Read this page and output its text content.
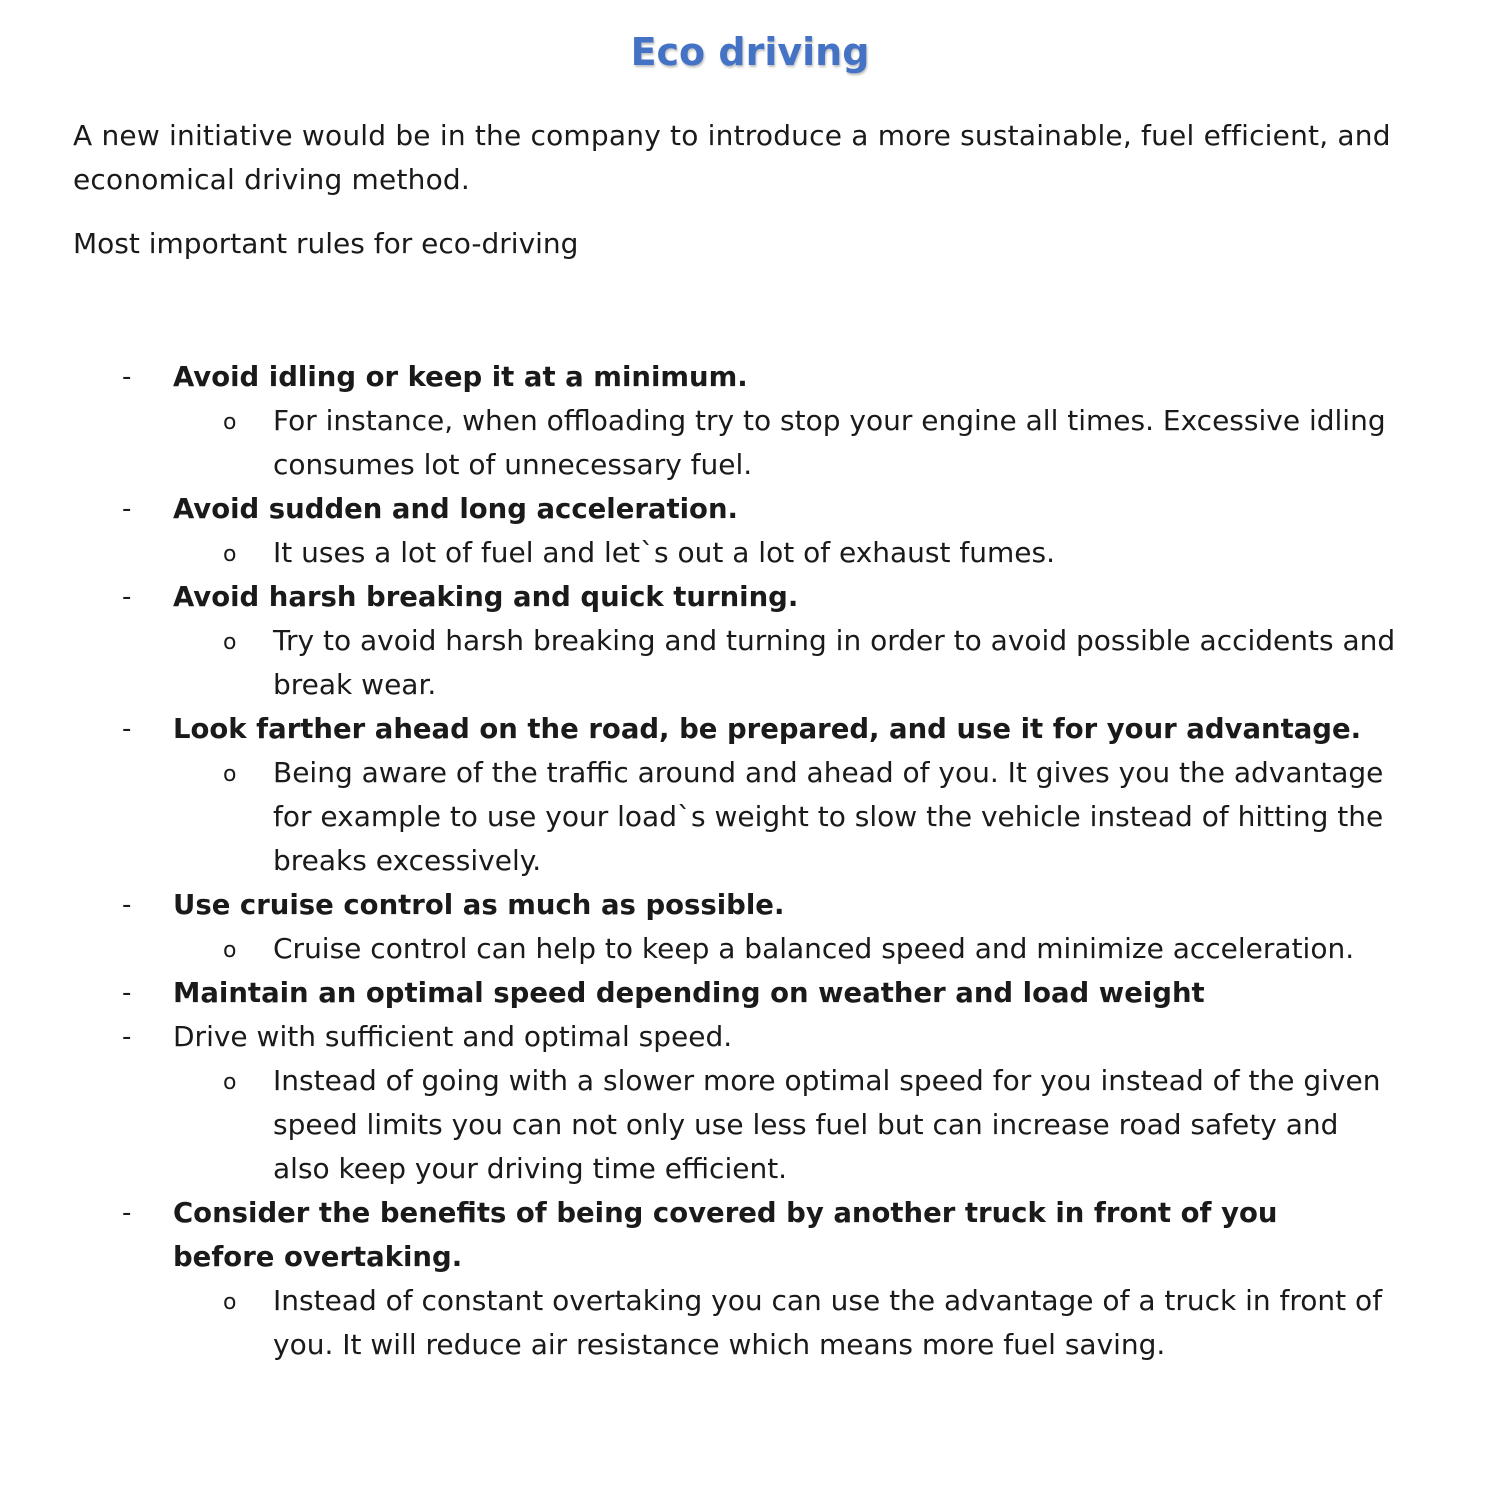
Eco driving

A new initiative would be in the company to introduce a more sustainable, fuel efficient, and economical driving method.

Most important rules for eco-driving

- Avoid idling or keep it at a minimum.

o For instance, when offloading try to stop your engine all times. Excessive idling consumes lot of unnecessary fuel.

- Avoid sudden and long acceleration.

o It uses a lot of fuel and let`s out a lot of exhaust fumes.

- Avoid harsh breaking and quick turning.

o Try to avoid harsh breaking and turning in order to avoid possible accidents and break wear.

- Look farther ahead on the road, be prepared, and use it for your advantage.

o Being aware of the traffic around and ahead of you. It gives you the advantage for example to use your load`s weight to slow the vehicle instead of hitting the breaks excessively.

- Use cruise control as much as possible.

o Cruise control can help to keep a balanced speed and minimize acceleration.

- Maintain an optimal speed depending on weather and load weight

- Drive with sufficient and optimal speed.

o Instead of going with a slower more optimal speed for you instead of the given speed limits you can not only use less fuel but can increase road safety and also keep your driving time efficient.

- Consider the benefits of being covered by another truck in front of you before overtaking.

o Instead of constant overtaking you can use the advantage of a truck in front of you. It will reduce air resistance which means more fuel saving.
